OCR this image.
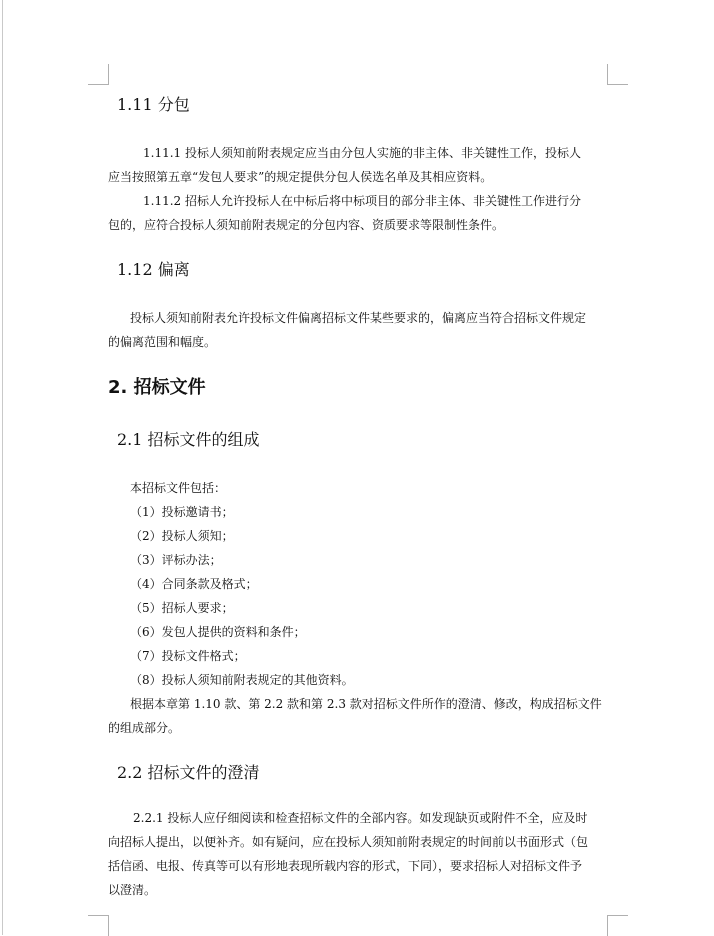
1.11 分包
1.11.1 投标人须知前附表规定应当由分包人实施的非主体、非关键性工作，投标人
应当按照第五章“发包人要求”的规定提供分包人侯选名单及其相应资料。
1.11.2 招标人允许投标人在中标后将中标项目的部分非主体、非关键性工作进行分
包的，应符合投标人须知前附表规定的分包内容、资质要求等限制性条件。
1.12 偏离
投标人须知前附表允许投标文件偏离招标文件某些要求的，偏离应当符合招标文件规定
的偏离范围和幅度。
2. 招标文件
2.1 招标文件的组成
本招标文件包括：
（1）投标邀请书；
（2）投标人须知；
（3）评标办法；
（4）合同条款及格式；
（5）招标人要求；
（6）发包人提供的资料和条件；
（7）投标文件格式；
（8）投标人须知前附表规定的其他资料。
根据本章第 1.10 款、第 2.2 款和第 2.3 款对招标文件所作的澄清、修改，构成招标文件
的组成部分。
2.2 招标文件的澄清
2.2.1 投标人应仔细阅读和检查招标文件的全部内容。如发现缺页或附件不全，应及时
向招标人提出，以便补齐。如有疑问，应在投标人须知前附表规定的时间前以书面形式（包
括信函、电报、传真等可以有形地表现所载内容的形式，下同），要求招标人对招标文件予
以澄清。
